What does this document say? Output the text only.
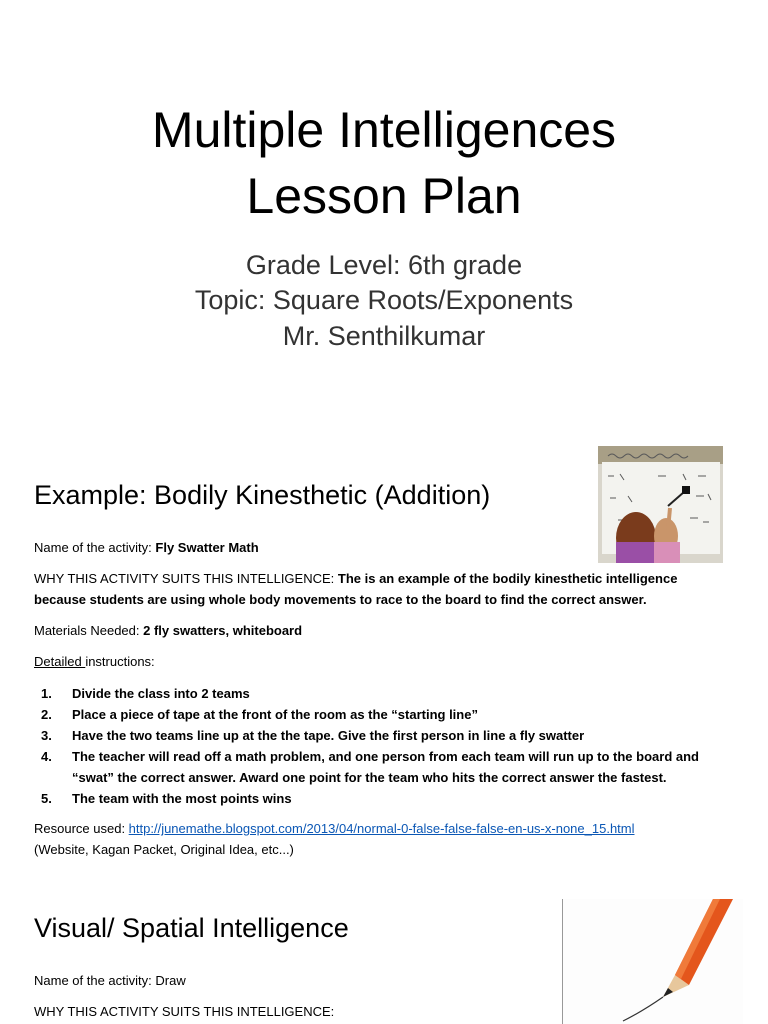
Multiple Intelligences
Lesson Plan
Grade Level: 6th grade
Topic: Square Roots/Exponents
Mr. Senthilkumar
Example: Bodily Kinesthetic (Addition)
Name of the activity: Fly Swatter Math
WHY THIS ACTIVITY SUITS THIS INTELLIGENCE: The is an example of the bodily kinesthetic intelligence because students are using whole body movements to race to the board to find the correct answer.
Materials Needed: 2 fly swatters, whiteboard
Detailed instructions:
1. Divide the class into 2 teams
2. Place a piece of tape at the front of the room as the “starting line”
3. Have the two teams line up at the the tape. Give the first person in line a fly swatter
4. The teacher will read off a math problem, and one person from each team will run up to the board and “swat” the correct answer. Award one point for the team who hits the correct answer the fastest.
5. The team with the most points wins
Resource used: http://junemathe.blogspot.com/2013/04/normal-0-false-false-false-en-us-x-none_15.html
(Website, Kagan Packet, Original Idea, etc...)
Visual/ Spatial Intelligence
Name of the activity: Draw
WHY THIS ACTIVITY SUITS THIS INTELLIGENCE:
